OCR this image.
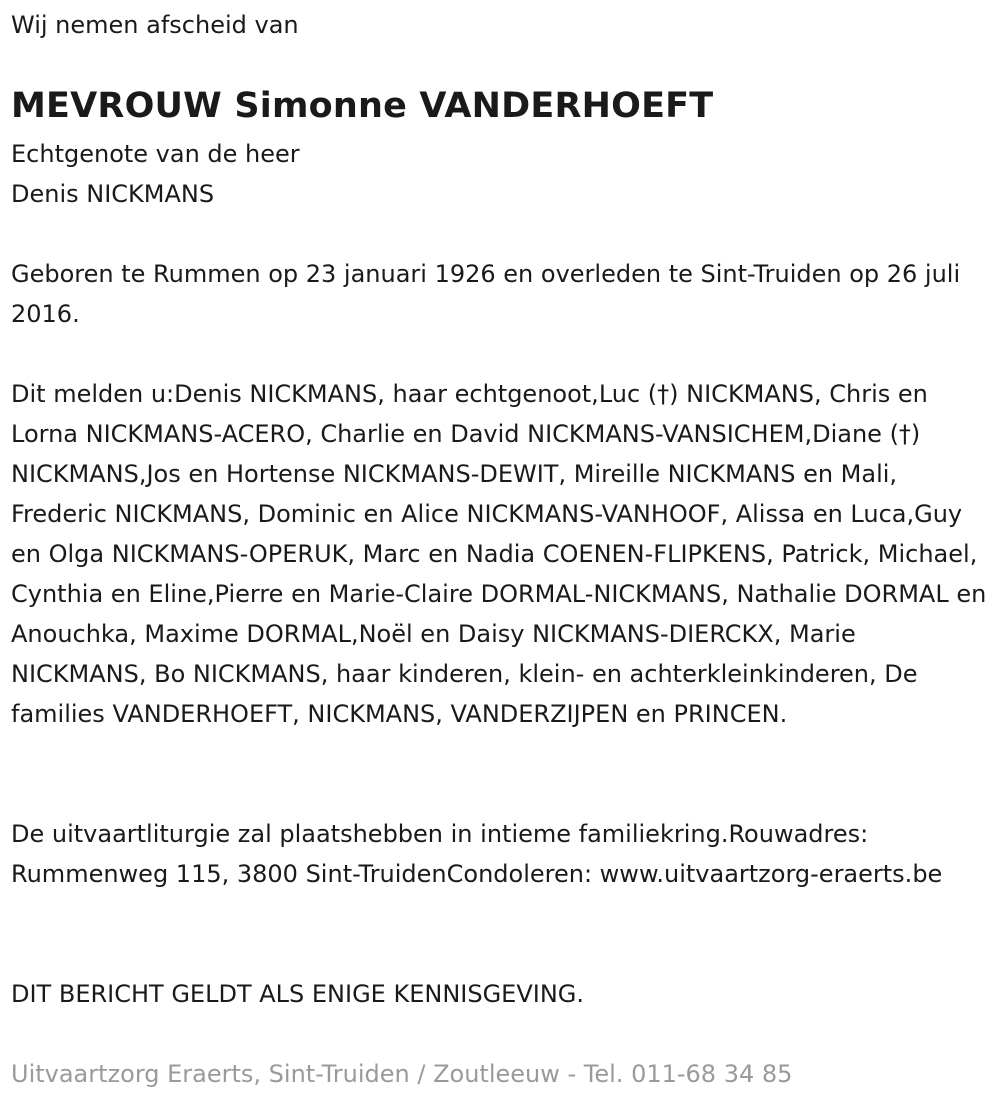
Wij nemen afscheid van

MEVROUW Simonne VANDERHOEFT
Echtgenote van de heer
Denis NICKMANS

Geboren te Rummen op 23 januari 1926 en overleden te Sint-Truiden op 26 juli 2016.

Dit melden u:Denis NICKMANS, haar echtgenoot,Luc (†) NICKMANS, Chris en Lorna NICKMANS-ACERO, Charlie en David NICKMANS-VANSICHEM,Diane (†) NICKMANS,Jos en Hortense NICKMANS-DEWIT, Mireille NICKMANS en Mali, Frederic NICKMANS, Dominic en Alice NICKMANS-VANHOOF, Alissa en Luca,Guy en Olga NICKMANS-OPERUK, Marc en Nadia COENEN-FLIPKENS, Patrick, Michael, Cynthia en Eline,Pierre en Marie-Claire DORMAL-NICKMANS, Nathalie DORMAL en Anouchka, Maxime DORMAL,Noël en Daisy NICKMANS-DIERCKX, Marie NICKMANS, Bo NICKMANS, haar kinderen, klein- en achterkleinkinderen, De families VANDERHOEFT, NICKMANS, VANDERZIJPEN en PRINCEN.

De uitvaartliturgie zal plaatshebben in intieme familiekring.Rouwadres: Rummenweg 115, 3800 Sint-TruidenCondoleren: www.uitvaartzorg-eraerts.be

DIT BERICHT GELDT ALS ENIGE KENNISGEVING.

Uitvaartzorg Eraerts, Sint-Truiden / Zoutleeuw - Tel. 011-68 34 85
